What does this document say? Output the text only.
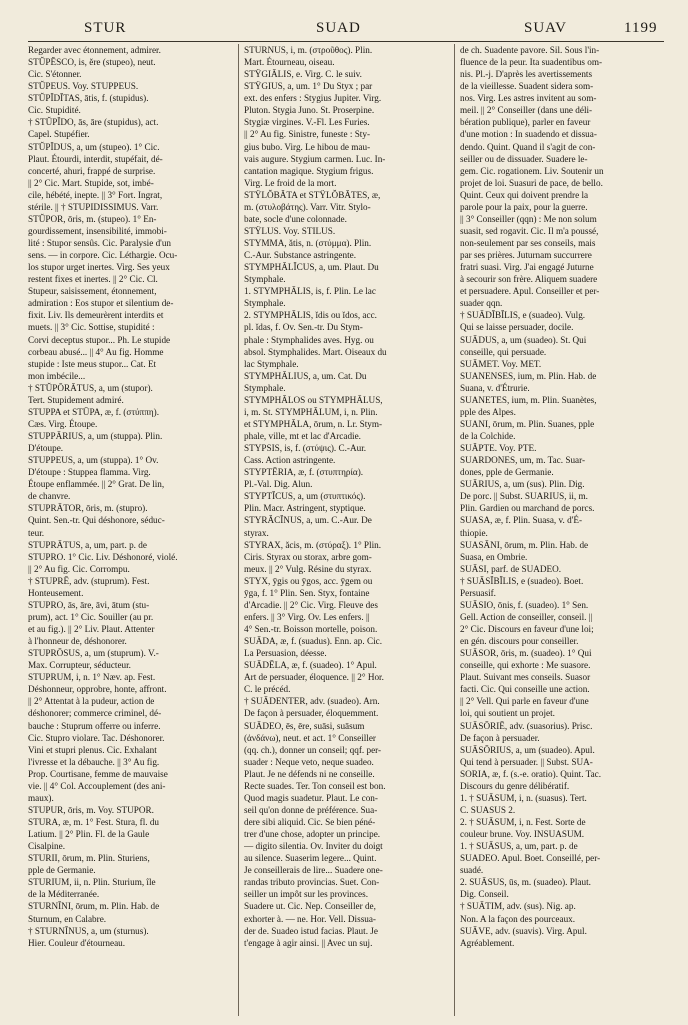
STUR	SUAD	SUAV	1199
Regarder avec étonnement, admirer.
STŬPĔSCO, is, ĕre (stupeo), neut.
Cic. S'étonner.
STŬPEUS. Voy. STUPPEUS.
STŬPĬDĬTAS, ātis, f. (stupidus).
Cic. Stupidité.
† STŬPĬDO, ās, āre (stupidus), act.
Capel. Stupéfier.
STŬPĬDUS, a, um (stupeo). 1° Cic.
Plaut. Étourdi, interdit, stupéfait, dé-
concerté, ahuri, frappé de surprise.
|| 2° Cic. Mart. Stupide, sot, imbé-
cile, hébété, inepte. || 3° Fort. Ingrat,
stérile. || † STUPIDISSIMUS. Varr.
STŬPOR, ōris, m. (stupeo). 1° En-
gourdissement, insensibilité, immobi-
lité : Stupor sensûs. Cic. Paralysie d'un
sens. — in corpore. Cic. Léthargie. Ocu-
los stupor urget inertes. Virg. Ses yeux
restent fixes et inertes. || 2° Cic. Cl.
Stupeur, saisissement, étonnement,
admiration : Eos stupor et silentium de-
fixit. Liv. Ils demeurèrent interdits et
muets. || 3° Cic. Sottise, stupidité :
Corvi deceptus stupor... Ph. Le stupide
corbeau abusé... || 4° Au fig. Homme
stupide : Iste meus stupor... Cat. Et
mon imbécile...
† STŬPŌRĀTUS, a, um (stupor).
Tert. Stupidement admiré.
STUPPA et STŪPA, æ, f. (στύππη).
Cæs. Virg. Étoupe.
STUPPĀRIUS, a, um (stuppa). Plin.
D'étoupe.
STUPPEUS, a, um (stuppa). 1° Ov.
D'étoupe : Stuppea flamma. Virg.
Étoupe enflammée. || 2° Grat. De lin,
de chanvre.
STUPRĀTOR, ōris, m. (stupro).
Quint. Sen.-tr. Qui déshonore, séduc-
teur.
STUPRĀTUS, a, um, part. p. de
STUPRO. 1° Cic. Liv. Déshonoré, violé.
|| 2° Au fig. Cic. Corrompu.
† STUPRĒ, adv. (stuprum). Fest.
Honteusement.
STUPRO, ās, āre, āvi, ātum (stu-
prum), act. 1° Cic. Souiller (au pr.
et au fig.). || 2° Liv. Plaut. Attenter
à l'honneur de, déshonorer.
STUPRŌSUS, a, um (stuprum). V.-
Max. Corrupteur, séducteur.
STUPRUM, i, n. 1° Næv. ap. Fest.
Déshonneur, opprobre, honte, affront.
|| 2° Attentat à la pudeur, action de
déshonorer; commerce criminel, dé-
bauche : Stuprum offerre ou inferre.
Cic. Stupro violare. Tac. Déshonorer.
Vini et stupri plenus. Cic. Exhalant
l'ivresse et la débauche. || 3° Au fig.
Prop. Courtisane, femme de mauvaise
vie. || 4° Col. Accouplement (des ani-
maux).
STUPUR, ōris, m. Voy. STUPOR.
STURA, æ, m. 1° Fest. Stura, fl. du
Latium. || 2° Plin. Fl. de la Gaule
Cisalpine.
STURII, ōrum, m. Plin. Sturiens,
pple de Germanie.
STURIUM, ii, n. Plin. Sturium, île
de la Méditerranée.
STURNĪNI, ōrum, m. Plin. Hab. de
Sturnum, en Calabre.
† STURNĪNUS, a, um (sturnus).
Hier. Couleur d'étourneau.
STURNUS, i, m. (στροῦθος). Plin.
Mart. Étourneau, oiseau.
STŸGIĀLIS, e. Virg. C. le suiv.
STŸGIUS, a, um. 1° Du Styx ; par
ext. des enfers : Stygius Jupiter. Virg.
Pluton. Stygia Juno. St. Proserpine.
Stygiæ virgines. V.-Fl. Les Furies.
|| 2° Au fig. Sinistre, funeste : Sty-
gius bubo. Virg. Le hibou de mau-
vais augure. Stygium carmen. Luc. In-
cantation magique. Stygium frigus.
Virg. Le froid de la mort.
STŸLŎBĂTA et STŸLŎBĂTES, æ,
m. (στυλοβάτης). Varr. Vitr. Stylo-
bate, socle d'une colonnade.
STŸLUS. Voy. STILUS.
STYMMA, ătis, n. (στύμμα). Plin.
C.-Aur. Substance astringente.
STYMPHĀLĬCUS, a, um. Plaut. Du
Stymphale.
1. STYMPHĀLIS, is, f. Plin. Le lac
Stymphale.
2. STYMPHĀLIS, ĭdis ou ĭdos, acc.
pl. ĭdas, f. Ov. Sen.-tr. Du Stym-
phale : Stymphalides aves. Hyg. ou
absol. Stymphalides. Mart. Oiseaux du
lac Stymphale.
STYMPHĀLIUS, a, um. Cat. Du
Stymphale.
STYMPHĀLOS ou STYMPHĀLUS,
i, m. St. STYMPHĀLUM, i, n. Plin.
et STYMPHĀLA, ōrum, n. Lr. Stym-
phale, ville, mt et lac d'Arcadie.
STYPSIS, is, f. (στύψις). C.-Aur.
Cass. Action astringente.
STYPTĒRIA, æ, f. (στυπτηρία).
Pl.-Val. Dig. Alun.
STYPTĬCUS, a, um (στυπτικός).
Plin. Macr. Astringent, styptique.
STYRĂCĬNUS, a, um. C.-Aur. De
styrax.
STYRAX, ăcis, m. (στύραξ). 1° Plin.
Ciris. Styrax ou storax, arbre gom-
meux. || 2° Vulg. Résine du styrax.
STYX, ȳgis ou ȳgos, acc. ȳgem ou
ȳga, f. 1° Plin. Sen. Styx, fontaine
d'Arcadie. || 2° Cic. Virg. Fleuve des
enfers. || 3° Virg. Ov. Les enfers. ||
4° Sen.-tr. Boisson mortelle, poison.
SUĀDA, æ, f. (suadus). Enn. ap. Cic.
La Persuasion, déesse.
SUĀDĒLA, æ, f. (suadeo). 1° Apul.
Art de persuader, éloquence. || 2° Hor.
C. le précéd.
† SUĀDENTER, adv. (suadeo). Arn.
De façon à persuader, éloquemment.
SUĀDEO, ēs, ēre, suāsi, suāsum
(ἁνδάνω), neut. et act. 1° Conseiller
(qq. ch.), donner un conseil; qqf. per-
suader : Neque veto, neque suadeo.
Plaut. Je ne défends ni ne conseille.
Recte suades. Ter. Ton conseil est bon.
Quod magis suadetur. Plaut. Le con-
seil qu'on donne de préférence. Sua-
dere sibi aliquid. Cic. Se bien péné-
trer d'une chose, adopter un principe.
— digito silentia. Ov. Inviter du doigt
au silence. Suaserim legere... Quint.
Je conseillerais de lire... Suadere one-
randas tributo provincias. Suet. Con-
seiller un impôt sur les provinces.
Suadere ut. Cic. Nep. Conseiller de,
exhorter à. — ne. Hor. Vell. Dissua-
der de. Suadeo istud facias. Plaut. Je
t'engage à agir ainsi. || Avec un suj.
de ch. Suadente pavore. Sil. Sous l'in-
fluence de la peur. Ita suadentibus om-
nis. Pl.-j. D'après les avertissements
de la vieillesse. Suadent sidera som-
nos. Virg. Les astres invitent au som-
meil. || 2° Conseiller (dans une déli-
bération publique), parler en faveur
d'une motion : In suadendo et dissua-
dendo. Quint. Quand il s'agit de con-
seiller ou de dissuader. Suadere le-
gem. Cic. rogationem. Liv. Soutenir un
projet de loi. Suasuri de pace, de bello.
Quint. Ceux qui doivent prendre la
parole pour la paix, pour la guerre.
|| 3° Conseiller (qqn) : Me non solum
suasit, sed rogavit. Cic. Il m'a poussé,
non-seulement par ses conseils, mais
par ses prières. Juturnam succurrere
fratri suasi. Virg. J'ai engagé Juturne
à secourir son frère. Aliquem suadere
et persuadere. Apul. Conseiller et per-
suader qqn.
† SUĀDĬBĬLIS, e (suadeo). Vulg.
Qui se laisse persuader, docile.
SUĀDUS, a, um (suadeo). St. Qui
conseille, qui persuade.
SUĀMET. Voy. MET.
SUANENSES, ium, m. Plin. Hab. de
Suana, v. d'Étrurie.
SUANETES, ium, m. Plin. Suanètes,
pple des Alpes.
SUANI, ōrum, m. Plin. Suanes, pple
de la Colchide.
SUĂPTE. Voy. PTE.
SUARDONES, um, m. Tac. Suar-
dones, pple de Germanie.
SUĀRIUS, a, um (sus). Plin. Dig.
De porc. || Subst. SUARIUS, ii, m.
Plin. Gardien ou marchand de porcs.
SUASA, æ, f. Plin. Suasa, v. d'É-
thiopie.
SUASĀNI, ōrum, m. Plin. Hab. de
Suasa, en Ombrie.
SUĀSI, parf. de SUADEO.
† SUĀSĬBĬLIS, e (suadeo). Boet.
Persuasif.
SUĀSIO, ōnis, f. (suadeo). 1° Sen.
Gell. Action de conseiller, conseil. ||
2° Cic. Discours en faveur d'une loi;
en gén. discours pour conseiller.
SUĀSOR, ōris, m. (suadeo). 1° Qui
conseille, qui exhorte : Me suasore.
Plaut. Suivant mes conseils. Suasor
facti. Cic. Qui conseille une action.
|| 2° Vell. Qui parle en faveur d'une
loi, qui soutient un projet.
SUĀSŌRIĒ, adv. (suasorius). Prisc.
De façon à persuader.
SUĀSŌRIUS, a, um (suadeo). Apul.
Qui tend à persuader. || Subst. SUA-
SORIA, æ, f. (s.-e. oratio). Quint. Tac.
Discours du genre délibératif.
1. † SUĀSUM, i, n. (suasus). Tert.
C. SUASUS 2.
2. † SUĀSUM, i, n. Fest. Sorte de
couleur brune. Voy. INSUASUM.
1. † SUĀSUS, a, um, part. p. de
SUADEO. Apul. Boet. Conseillé, per-
suadé.
2. SUĀSUS, ūs, m. (suadeo). Plaut.
Dig. Conseil.
† SUĀTIM, adv. (sus). Nig. ap.
Non. A la façon des pourceaux.
SUĀVE, adv. (suavis). Virg. Apul.
Agréablement.
